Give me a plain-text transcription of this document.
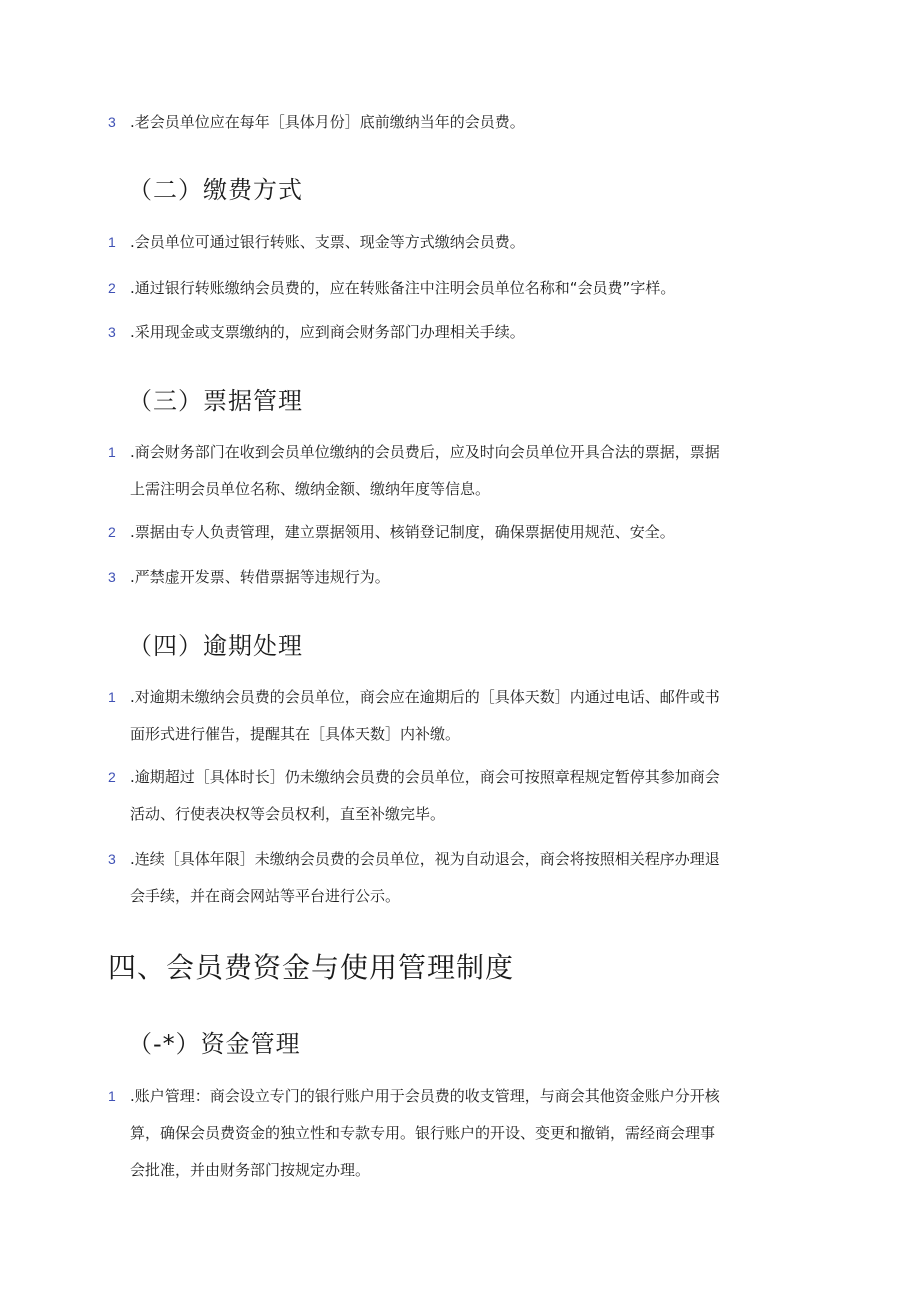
3 .老会员单位应在每年［具体月份］底前缴纳当年的会员费。
（二）缴费方式
1 .会员单位可通过银行转账、支票、现金等方式缴纳会员费。
2 .通过银行转账缴纳会员费的，应在转账备注中注明会员单位名称和“会员费”字样。
3 .采用现金或支票缴纳的，应到商会财务部门办理相关手续。
（三）票据管理
1 .商会财务部门在收到会员单位缴纳的会员费后，应及时向会员单位开具合法的票据，票据
上需注明会员单位名称、缴纳金额、缴纳年度等信息。
2 .票据由专人负责管理，建立票据领用、核销登记制度，确保票据使用规范、安全。
3 .严禁虚开发票、转借票据等违规行为。
（四）逾期处理
1 .对逾期未缴纳会员费的会员单位，商会应在逾期后的［具体天数］内通过电话、邮件或书
面形式进行催告，提醒其在［具体天数］内补缴。
2 .逾期超过［具体时长］仍未缴纳会员费的会员单位，商会可按照章程规定暂停其参加商会
活动、行使表决权等会员权利，直至补缴完毕。
3 .连续［具体年限］未缴纳会员费的会员单位，视为自动退会，商会将按照相关程序办理退
会手续，并在商会网站等平台进行公示。
四、会员费资金与使用管理制度
（-*）资金管理
1 .账户管理：商会设立专门的银行账户用于会员费的收支管理，与商会其他资金账户分开核
算，确保会员费资金的独立性和专款专用。银行账户的开设、变更和撤销，需经商会理事
会批准，并由财务部门按规定办理。
